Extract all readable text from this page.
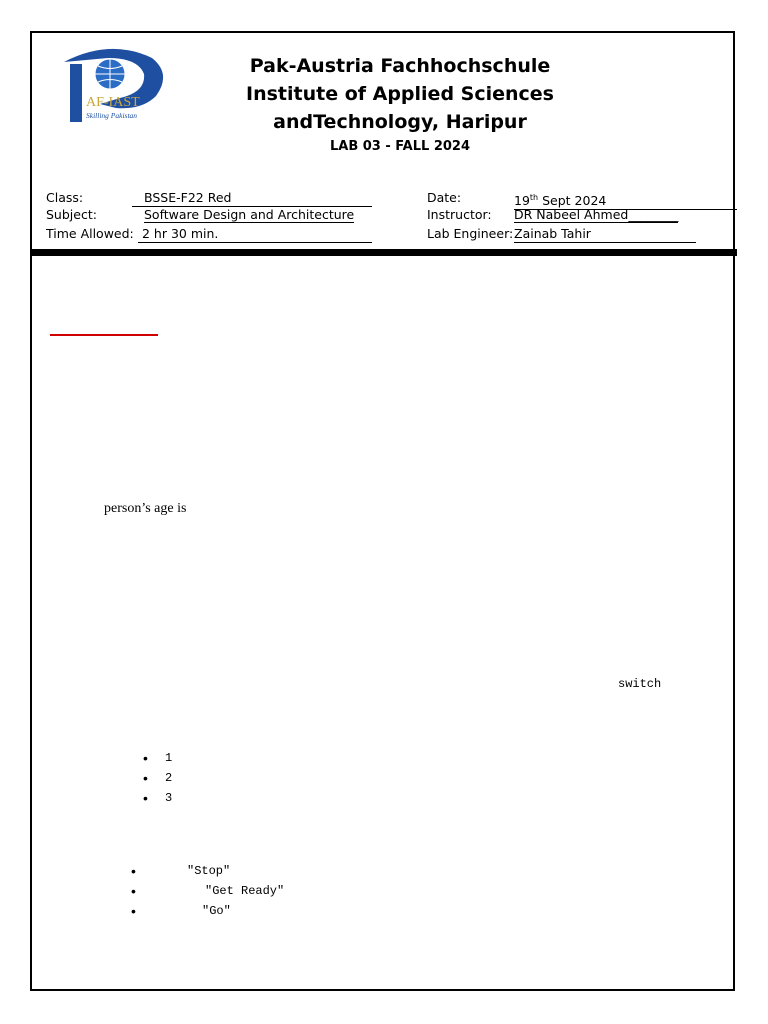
AF-IAST
Skilling Pakistan
Pak-Austria Fachhochschule
Institute of Applied Sciences
andTechnology, Haripur
LAB 03 - FALL 2024
Class:	BSSE-F22 Red
Subject:	Software Design and Architecture
Time Allowed: 2 hr 30 min.
Date:	19th Sept 2024
Instructor: DR Nabeel Ahmed________
Lab Engineer: Zainab Tahir
person’s age is
switch
• 1
• 2
• 3
•	"Stop"
•	"Get Ready"
•	"Go"
